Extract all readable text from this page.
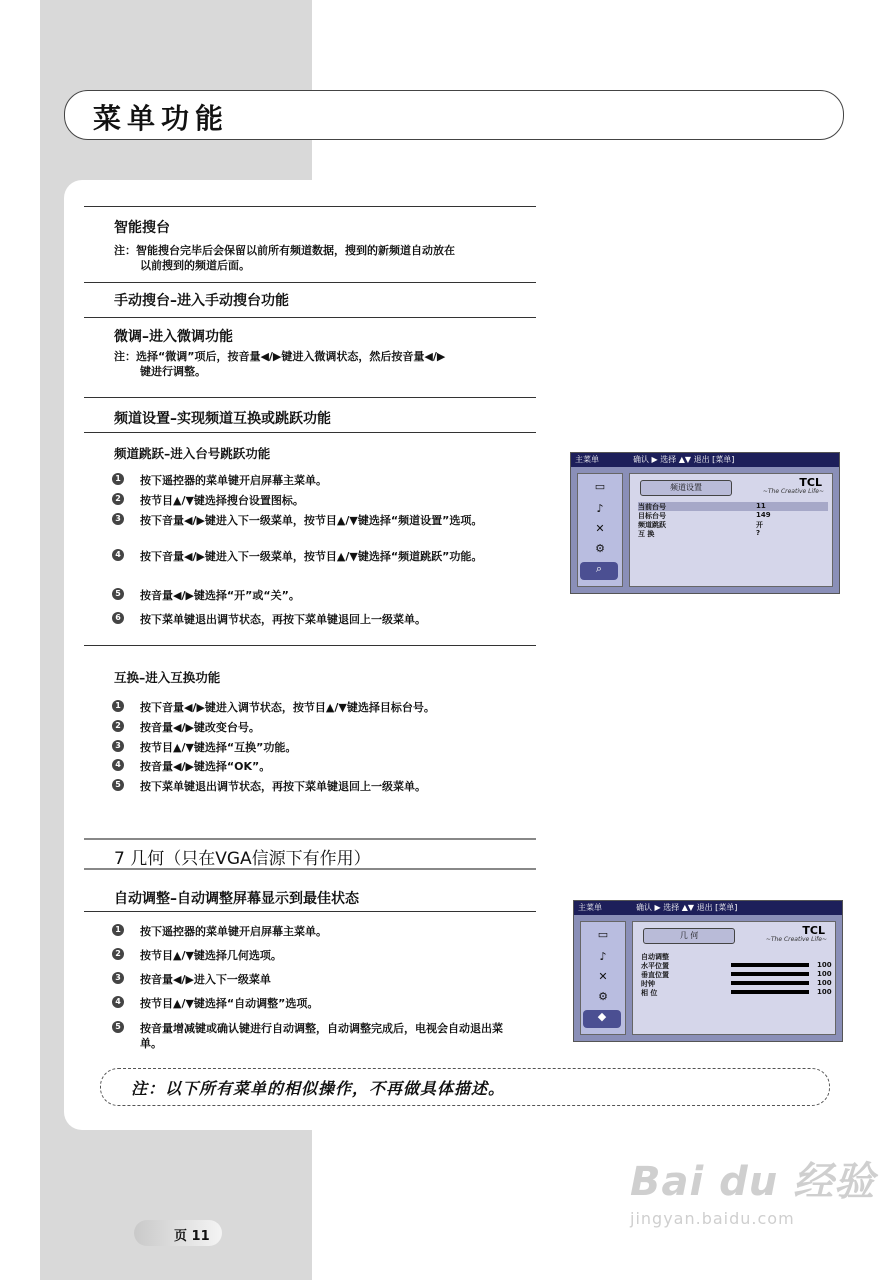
菜单功能
智能搜台
注：智能搜台完毕后会保留以前所有频道数据，搜到的新频道自动放在
以前搜到的频道后面。
手动搜台–进入手动搜台功能
微调–进入微调功能
注：选择“微调”项后，按音量◀/▶键进入微调状态，然后按音量◀/▶
键进行调整。
频道设置–实现频道互换或跳跃功能
频道跳跃–进入台号跳跃功能
1	按下遥控器的菜单键开启屏幕主菜单。
2	按节目▲/▼键选择搜台设置图标。
3	按下音量◀/▶键进入下一级菜单，按节目▲/▼键选择“频道设置”选项。
4	按下音量◀/▶键进入下一级菜单，按节目▲/▼键选择“频道跳跃”功能。
5	按音量◀/▶键选择“开”或“关”。
6	按下菜单键退出调节状态，再按下菜单键退回上一级菜单。
互换–进入互换功能
1	按下音量◀/▶键进入调节状态，按节目▲/▼键选择目标台号。
2	按音量◀/▶键改变台号。
3	按节目▲/▼键选择“互换”功能。
4	按音量◀/▶键选择“OK”。
5	按下菜单键退出调节状态，再按下菜单键退回上一级菜单。
7 几何（只在VGA信源下有作用）
自动调整–自动调整屏幕显示到最佳状态
1	按下遥控器的菜单键开启屏幕主菜单。
2	按节目▲/▼键选择几何选项。
3	按音量◀/▶进入下一级菜单
4	按节目▲/▼键选择“自动调整”选项。
5	按音量增减键或确认键进行自动调整，自动调整完成后，电视会自动退出菜单。
注：以下所有菜单的相似操作，不再做具体描述。
主菜单	确认 ▶ 选择 ▲▼ 退出 [菜单]
▭
♪
✕
⚙
⌕
TCL
~The Creative Life~
频道设置
当前台号	11
目标台号	149
频道跳跃	开
互 换	?
主菜单	确认 ▶ 选择 ▲▼ 退出 [菜单]
▭
♪
✕
⚙
◆
TCL
~The Creative Life~
几 何
自动调整
水平位置	100
垂直位置	100
时钟	100
相 位	100
页 11
Bai du 经验
jingyan.baidu.com
